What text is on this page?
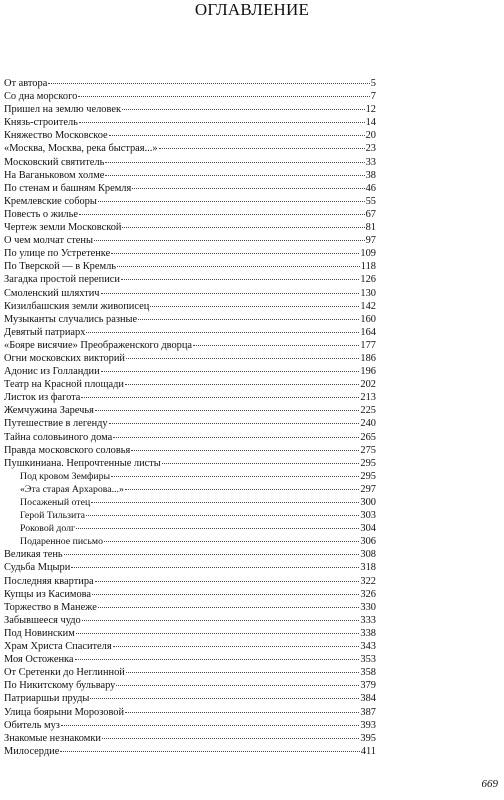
ОГЛАВЛЕНИЕ
От автора	5
Со дна морского	7
Пришел на землю человек	12
Князь-строитель	14
Княжество Московское	20
«Москва, Москва, река быстрая...»	23
Московский святитель	33
На Ваганьковом холме	38
По стенам и башням Кремля	46
Кремлевские соборы	55
Повесть о жилье	67
Чертеж земли Московской	81
О чем молчат стены	97
По улице по Устретенке	109
По Тверской — в Кремль	118
Загадка простой переписи	126
Смоленский шляхтич	130
Кизилбашския земли живописец	142
Музыканты случались разные	160
Девятый патриарх	164
«Бояре висячие» Преображенского дворца	177
Огни московских викторий	186
Адонис из Голландии	196
Театр на Красной площади	202
Листок из фагота	213
Жемчужина Заречья	225
Путешествие в легенду	240
Тайна соловьиного дома	265
Правда московского соловья	275
Пушкиниана. Непрочтенные листы	295
Под кровом Земфиры	295
«Эта старая Архарова...»	297
Посаженый отец	300
Герой Тильзита	303
Роковой долг	304
Подаренное письмо	306
Великая тень	308
Судьба Мцыри	318
Последняя квартира	322
Купцы из Касимова	326
Торжество в Манеже	330
Забывшееся чудо	333
Под Новинским	338
Храм Христа Спасителя	343
Моя Остоженка	353
От Сретенки до Неглинной	358
По Никитскому бульвару	379
Патриаршьи пруды	384
Улица боярыни Морозовой	387
Обитель муз	393
Знакомые незнакомки	395
Милосердие	411
669
